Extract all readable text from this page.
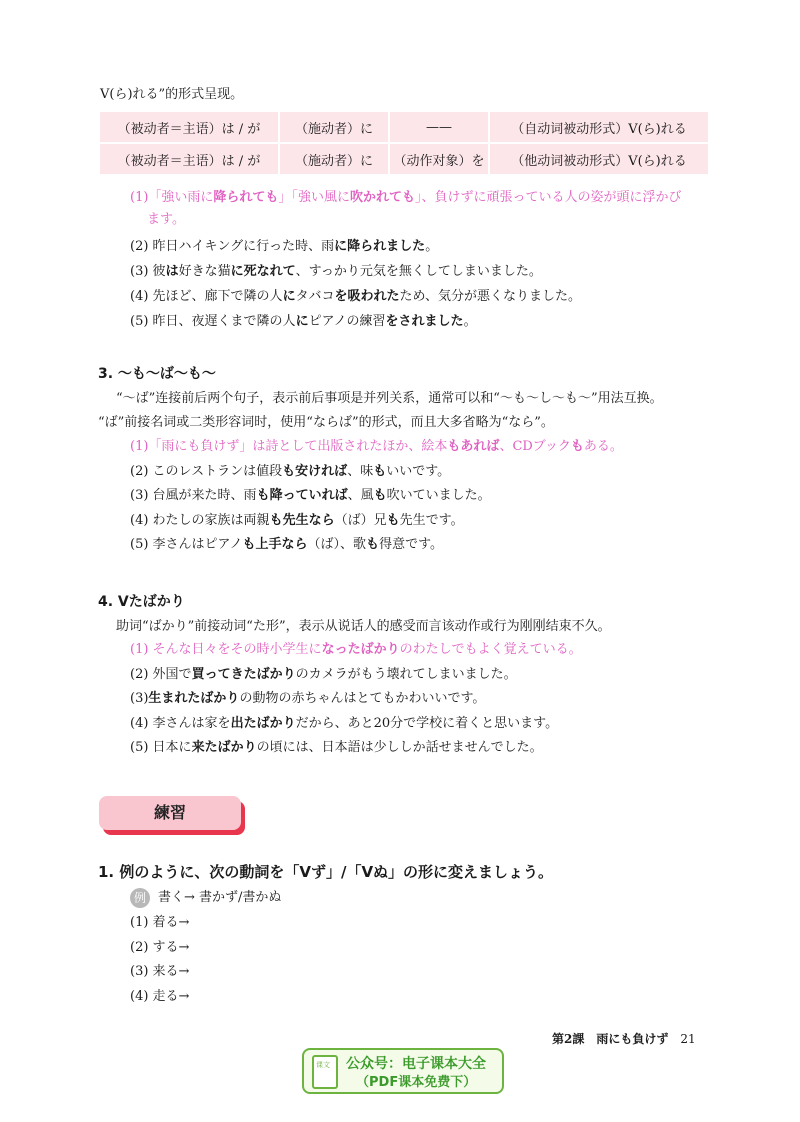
V(ら)れる”的形式呈现。
（被动者＝主语）は / が	（施动者）に	——	（自动词被动形式）V(ら)れる
（被动者＝主语）は / が	（施动者）に	（动作对象）を	（他动词被动形式）V(ら)れる
(1)「強い雨に降られても」「強い風に吹かれても」、負けずに頑張っている人の姿が頭に浮かび
ます。
(2) 昨日ハイキングに行った時、雨に降られました。
(3) 彼は好きな猫に死なれて、すっかり元気を無くしてしまいました。
(4) 先ほど、廊下で隣の人にタバコを吸われたため、気分が悪くなりました。
(5) 昨日、夜遅くまで隣の人にピアノの練習をされました。
3. ～も～ば～も～
“～ば”连接前后两个句子，表示前后事项是并列关系，通常可以和“～も～し～も～”用法互换。
“ば”前接名词或二类形容词时，使用“ならば”的形式，而且大多省略为“なら”。
(1)「雨にも負けず」は詩として出版されたほか、絵本もあれば、CDブックもある。
(2) このレストランは値段も安ければ、味もいいです。
(3) 台風が来た時、雨も降っていれば、風も吹いていました。
(4) わたしの家族は両親も先生なら（ば）兄も先生です。
(5) 李さんはピアノも上手なら（ば）、歌も得意です。
4. Vたばかり
助词“ばかり”前接动词“た形”，表示从说话人的感受而言该动作或行为刚刚结束不久。
(1) そんな日々をその時小学生になったばかりのわたしでもよく覚えている。
(2) 外国で買ってきたばかりのカメラがもう壊れてしまいました。
(3)生まれたばかりの動物の赤ちゃんはとてもかわいいです。
(4) 李さんは家を出たばかりだから、あと20分で学校に着くと思います。
(5) 日本に来たばかりの頃には、日本語は少ししか話せませんでした。
練習
1. 例のように、次の動詞を「Vず」/「Vぬ」の形に変えましょう。
例 書く→ 書かず/書かぬ
(1) 着る→
(2) する→
(3) 来る→
(4) 走る→
第2課　雨にも負けず 21
课文 公众号：电子课本大全
（PDF课本免费下）
